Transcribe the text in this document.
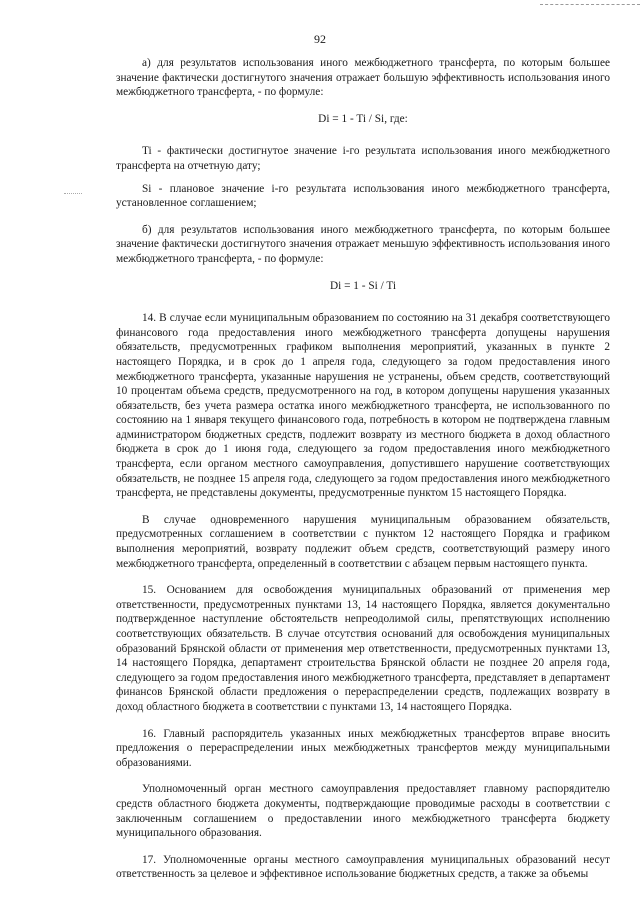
92

а) для результатов использования иного межбюджетного трансферта, по которым большее значение фактически достигнутого значения отражает большую эффективность использования иного межбюджетного трансферта, - по формуле:

Di = 1 - Ti / Si, где:

Ti - фактически достигнутое значение i-го результата использования иного межбюджетного трансферта на отчетную дату;

Si - плановое значение i-го результата использования иного межбюджетного трансферта, установленное соглашением;

б) для результатов использования иного межбюджетного трансферта, по которым большее значение фактически достигнутого значения отражает меньшую эффективность использования иного межбюджетного трансферта, - по формуле:

Di = 1 - Si / Ti

14. В случае если муниципальным образованием по состоянию на 31 декабря соответствующего финансового года предоставления иного межбюджетного трансферта допущены нарушения обязательств, предусмотренных графиком выполнения мероприятий, указанных в пункте 2 настоящего Порядка, и в срок до 1 апреля года, следующего за годом предоставления иного межбюджетного трансферта, указанные нарушения не устранены, объем средств, соответствующий 10 процентам объема средств, предусмотренного на год, в котором допущены нарушения указанных обязательств, без учета размера остатка иного межбюджетного трансферта, не использованного по состоянию на 1 января текущего финансового года, потребность в котором не подтверждена главным администратором бюджетных средств, подлежит возврату из местного бюджета в доход областного бюджета в срок до 1 июня года, следующего за годом предоставления иного межбюджетного трансферта, если органом местного самоуправления, допустившего нарушение соответствующих обязательств, не позднее 15 апреля года, следующего за годом предоставления иного межбюджетного трансферта, не представлены документы, предусмотренные пунктом 15 настоящего Порядка.

В случае одновременного нарушения муниципальным образованием обязательств, предусмотренных соглашением в соответствии с пунктом 12 настоящего Порядка и графиком выполнения мероприятий, возврату подлежит объем средств, соответствующий размеру иного межбюджетного трансферта, определенный в соответствии с абзацем первым настоящего пункта.

15. Основанием для освобождения муниципальных образований от применения мер ответственности, предусмотренных пунктами 13, 14 настоящего Порядка, является документально подтвержденное наступление обстоятельств непреодолимой силы, препятствующих исполнению соответствующих обязательств. В случае отсутствия оснований для освобождения муниципальных образований Брянской области от применения мер ответственности, предусмотренных пунктами 13, 14 настоящего Порядка, департамент строительства Брянской области не позднее 20 апреля года, следующего за годом предоставления иного межбюджетного трансферта, представляет в департамент финансов Брянской области предложения о перераспределении средств, подлежащих возврату в доход областного бюджета в соответствии с пунктами 13, 14 настоящего Порядка.

16. Главный распорядитель указанных иных межбюджетных трансфертов вправе вносить предложения о перераспределении иных межбюджетных трансфертов между муниципальными образованиями.

Уполномоченный орган местного самоуправления предоставляет главному распорядителю средств областного бюджета документы, подтверждающие проводимые расходы в соответствии с заключенным соглашением о предоставлении иного межбюджетного трансферта бюджету муниципального образования.

17. Уполномоченные органы местного самоуправления муниципальных образований несут ответственность за целевое и эффективное использование бюджетных средств, а также за объемы
